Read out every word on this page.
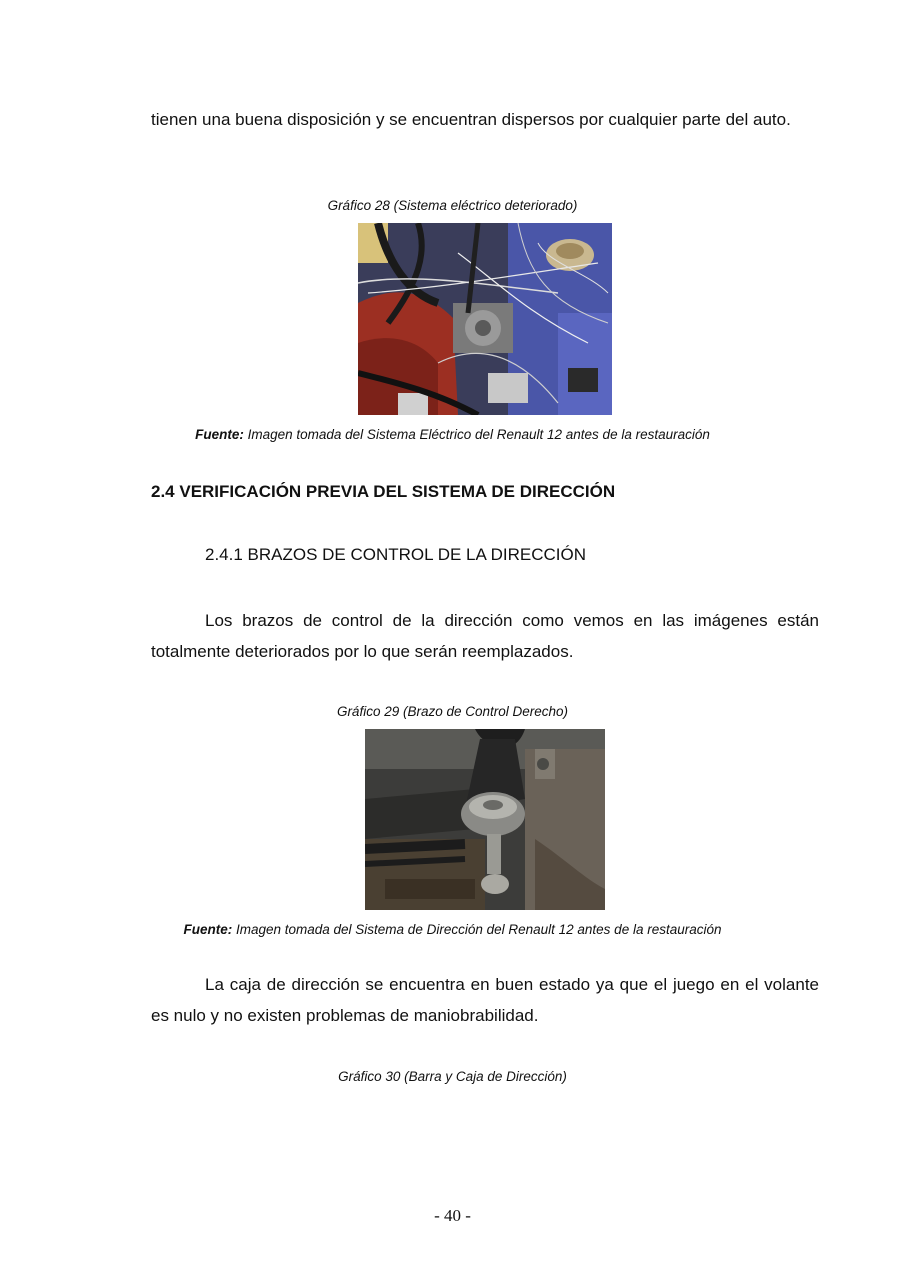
tienen una buena disposición y se encuentran dispersos por cualquier parte del auto.

Gráfico 28 (Sistema eléctrico deteriorado)

Fuente: Imagen tomada del Sistema Eléctrico del Renault 12 antes de la restauración

2.4 VERIFICACIÓN PREVIA DEL SISTEMA DE DIRECCIÓN

2.4.1 BRAZOS DE CONTROL DE LA DIRECCIÓN

Los brazos de control de la dirección como vemos en las imágenes están totalmente deteriorados por lo que serán reemplazados.

Gráfico 29 (Brazo de Control Derecho)

Fuente: Imagen tomada del Sistema de Dirección del Renault 12 antes de la restauración

La caja de dirección se encuentra en buen estado ya que el juego en el volante es nulo y no existen problemas de maniobrabilidad.

Gráfico 30 (Barra y Caja de Dirección)

- 40 -
